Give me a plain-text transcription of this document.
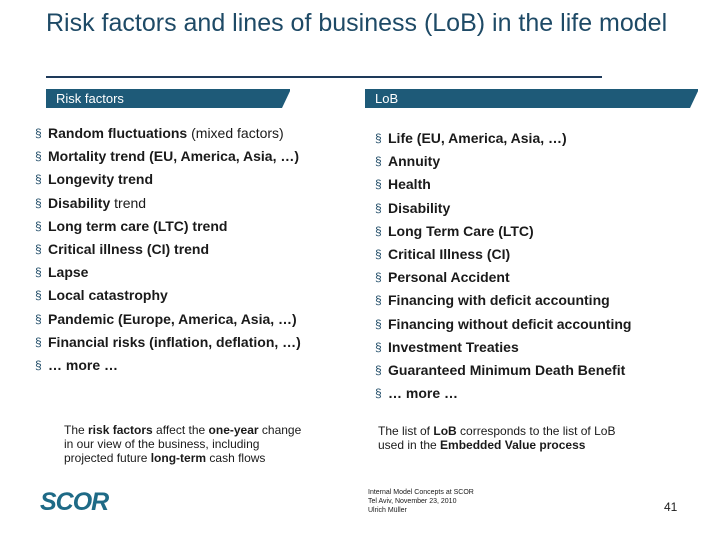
Risk factors and lines of business (LoB) in the life model
Risk factors	LoB
§ Random fluctuations (mixed factors)
§ Mortality trend (EU, America, Asia, …)
§ Longevity trend
§ Disability trend
§ Long term care (LTC) trend
§ Critical illness (CI) trend
§ Lapse
§ Local catastrophy
§ Pandemic (Europe, America, Asia, …)
§ Financial risks (inflation, deflation, …)
§ … more …
§ Life (EU, America, Asia, …)
§ Annuity
§ Health
§ Disability
§ Long Term Care (LTC)
§ Critical Illness (CI)
§ Personal Accident
§ Financing with deficit accounting
§ Financing without deficit accounting
§ Investment Treaties
§ Guaranteed Minimum Death Benefit
§ … more …
The risk factors affect the one-year change in our view of the business, including projected future long-term cash flows
The list of LoB corresponds to the list of LoB used in the Embedded Value process
SCOR	Internal Model Concepts at SCOR
Tel Aviv, November 23, 2010
Ulrich Müller	41
